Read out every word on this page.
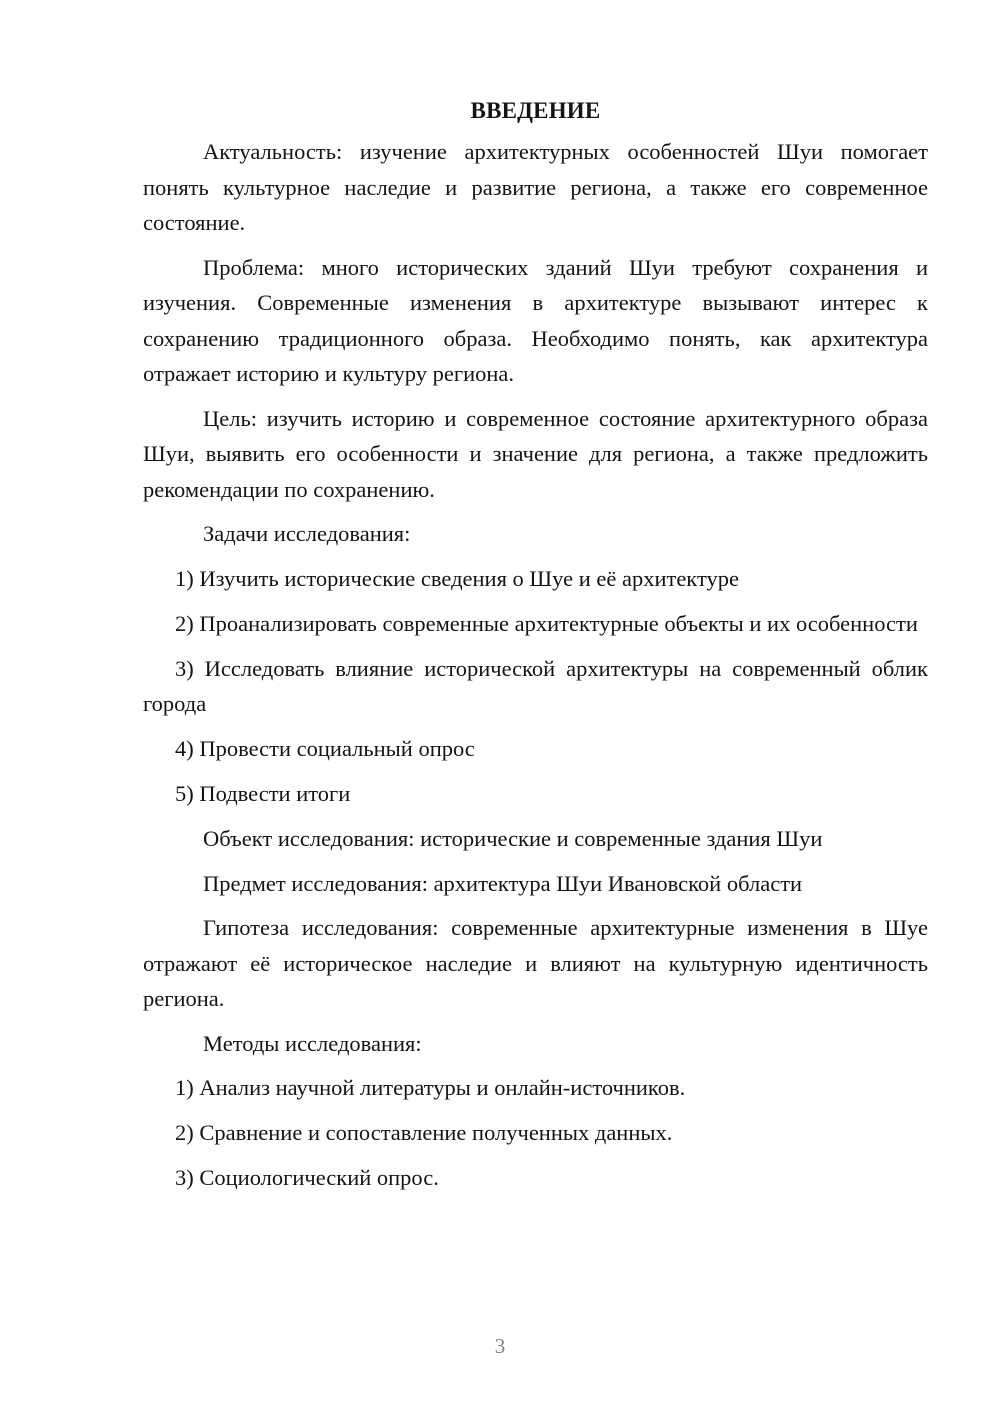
ВВЕДЕНИЕ

Актуальность: изучение архитектурных особенностей Шуи помогает понять культурное наследие и развитие региона, а также его современное состояние.

Проблема: много исторических зданий Шуи требуют сохранения и изучения. Современные изменения в архитектуре вызывают интерес к сохранению традиционного образа. Необходимо понять, как архитектура отражает историю и культуру региона.

Цель: изучить историю и современное состояние архитектурного образа Шуи, выявить его особенности и значение для региона, а также предложить рекомендации по сохранению.

Задачи исследования:

1) Изучить исторические сведения о Шуе и её архитектуре

2) Проанализировать современные архитектурные объекты и их особенности

3) Исследовать влияние исторической архитектуры на современный облик города

4) Провести социальный опрос

5) Подвести итоги

Объект исследования: исторические и современные здания Шуи

Предмет исследования: архитектура Шуи Ивановской области

Гипотеза исследования: современные архитектурные изменения в Шуе отражают её историческое наследие и влияют на культурную идентичность региона.

Методы исследования:

1) Анализ научной литературы и онлайн-источников.

2) Сравнение и сопоставление полученных данных.

3) Социологический опрос.

3
